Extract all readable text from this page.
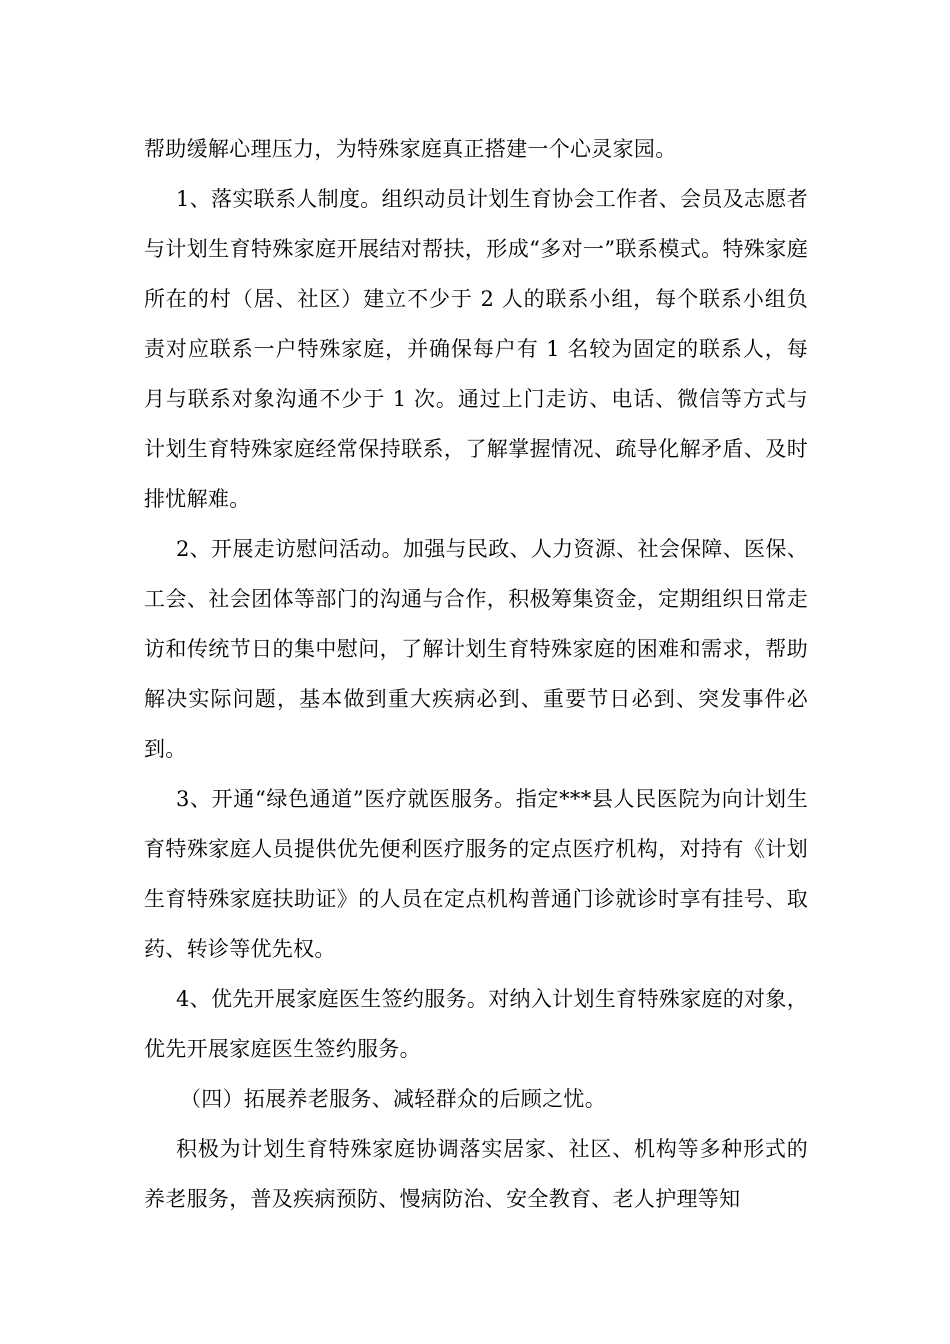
帮助缓解心理压力，为特殊家庭真正搭建一个心灵家园。

1、落实联系人制度。组织动员计划生育协会工作者、会员及志愿者与计划生育特殊家庭开展结对帮扶，形成“多对一”联系模式。特殊家庭所在的村（居、社区）建立不少于 2 人的联系小组，每个联系小组负责对应联系一户特殊家庭，并确保每户有 1 名较为固定的联系人，每月与联系对象沟通不少于 1 次。通过上门走访、电话、微信等方式与计划生育特殊家庭经常保持联系，了解掌握情况、疏导化解矛盾、及时排忧解难。

2、开展走访慰问活动。加强与民政、人力资源、社会保障、医保、工会、社会团体等部门的沟通与合作，积极筹集资金，定期组织日常走访和传统节日的集中慰问，了解计划生育特殊家庭的困难和需求，帮助解决实际问题，基本做到重大疾病必到、重要节日必到、突发事件必到。

3、开通“绿色通道”医疗就医服务。指定***县人民医院为向计划生育特殊家庭人员提供优先便利医疗服务的定点医疗机构，对持有《计划生育特殊家庭扶助证》的人员在定点机构普通门诊就诊时享有挂号、取药、转诊等优先权。

4、优先开展家庭医生签约服务。对纳入计划生育特殊家庭的对象，优先开展家庭医生签约服务。

（四）拓展养老服务、减轻群众的后顾之忧。

积极为计划生育特殊家庭协调落实居家、社区、机构等多种形式的养老服务，普及疾病预防、慢病防治、安全教育、老人护理等知
